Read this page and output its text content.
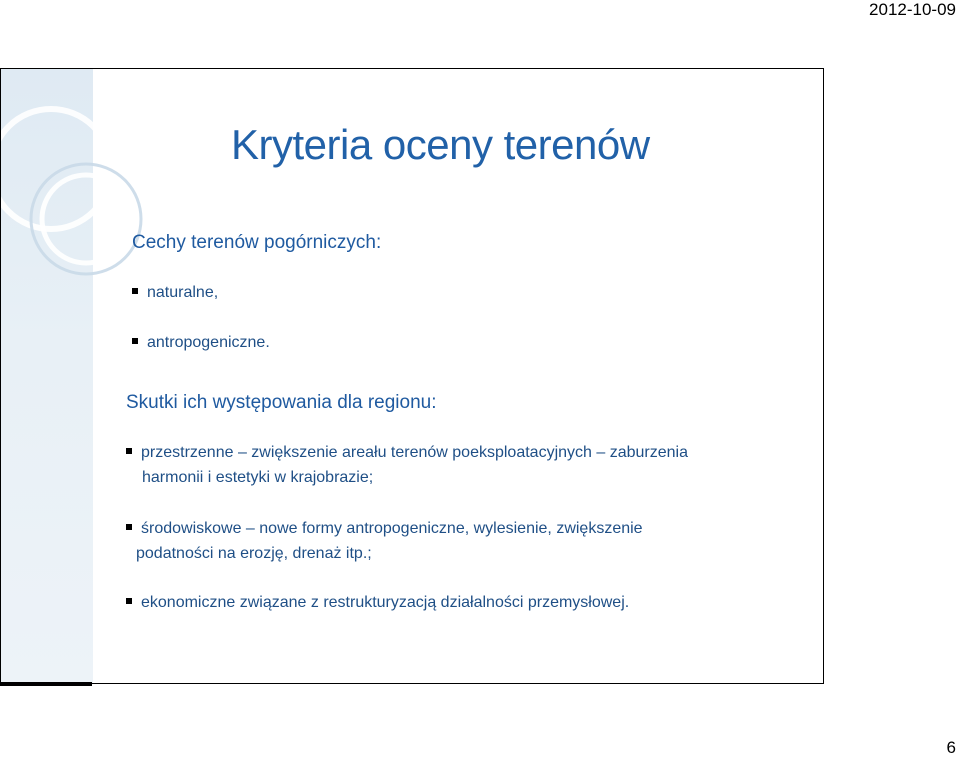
2012-10-09
Kryteria oceny terenów
Cechy terenów pogórniczych:
naturalne,
antropogeniczne.
Skutki ich występowania dla regionu:
przestrzenne – zwiększenie areału terenów poeksploatacyjnych – zaburzenia
harmonii i estetyki w krajobrazie;
środowiskowe – nowe formy antropogeniczne, wylesienie, zwiększenie
podatności na erozję, drenaż itp.;
ekonomiczne związane z restrukturyzacją działalności przemysłowej.
6
